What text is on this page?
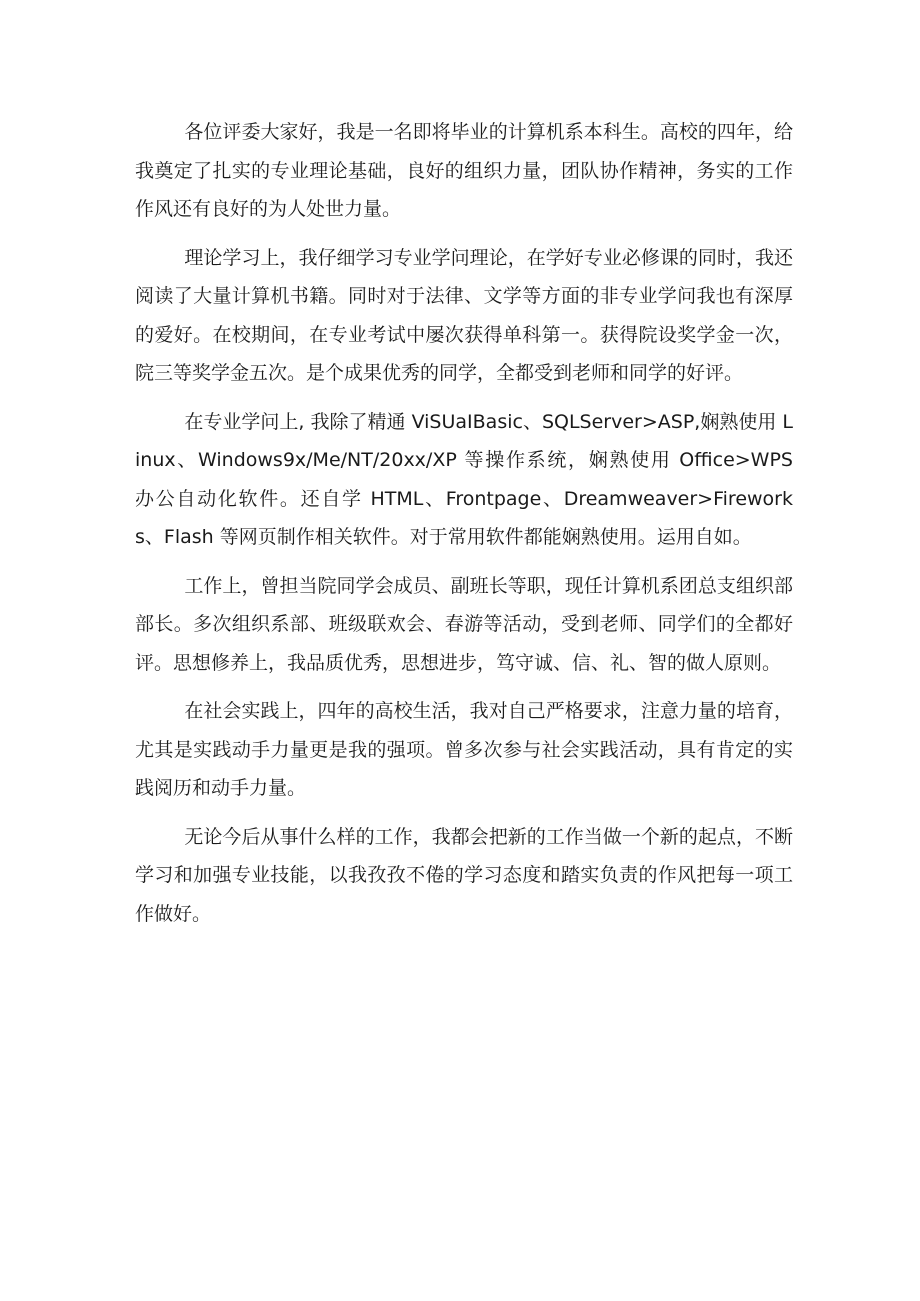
各位评委大家好，我是一名即将毕业的计算机系本科生。高校的四年，给我奠定了扎实的专业理论基础，良好的组织力量，团队协作精神，务实的工作作风还有良好的为人处世力量。

理论学习上，我仔细学习专业学问理论，在学好专业必修课的同时，我还阅读了大量计算机书籍。同时对于法律、文学等方面的非专业学问我也有深厚的爱好。在校期间，在专业考试中屡次获得单科第一。获得院设奖学金一次，院三等奖学金五次。是个成果优秀的同学，全都受到老师和同学的好评。

在专业学问上, 我除了精通 ViSUaIBasic、SQLServer>ASP,娴熟使用 Linux、Windows9x/Me/NT/20xx/XP 等操作系统，娴熟使用 Office>WPS 办公自动化软件。还自学 HTML、Frontpage、Dreamweaver>Fireworks、Flash 等网页制作相关软件。对于常用软件都能娴熟使用。运用自如。

工作上，曾担当院同学会成员、副班长等职，现任计算机系团总支组织部部长。多次组织系部、班级联欢会、春游等活动，受到老师、同学们的全都好评。思想修养上，我品质优秀，思想进步，笃守诚、信、礼、智的做人原则。

在社会实践上，四年的高校生活，我对自己严格要求，注意力量的培育，尤其是实践动手力量更是我的强项。曾多次参与社会实践活动，具有肯定的实践阅历和动手力量。

无论今后从事什么样的工作，我都会把新的工作当做一个新的起点，不断学习和加强专业技能，以我孜孜不倦的学习态度和踏实负责的作风把每一项工作做好。
